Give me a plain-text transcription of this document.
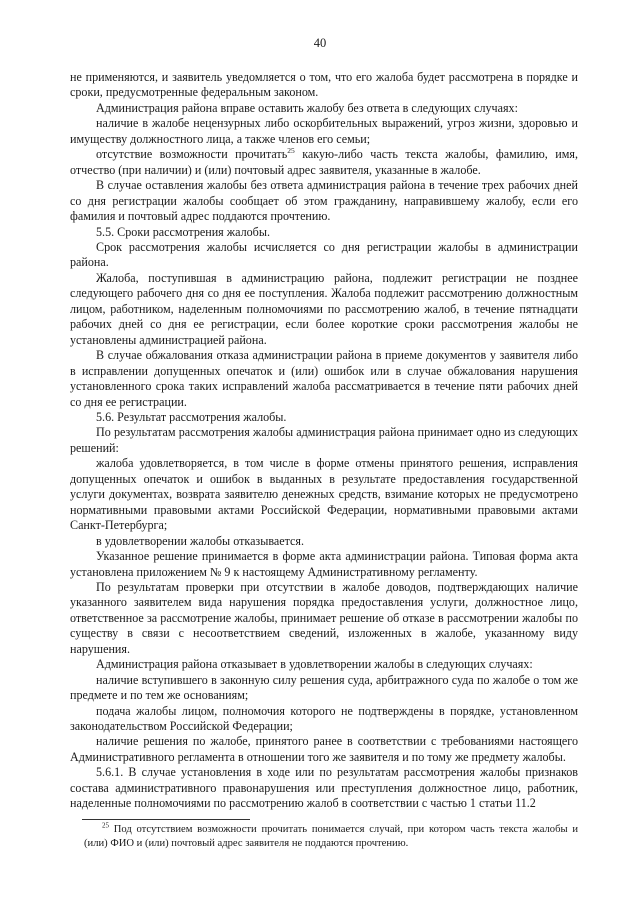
40

не применяются, и заявитель уведомляется о том, что его жалоба будет рассмотрена в порядке и сроки, предусмотренные федеральным законом.

Администрация района вправе оставить жалобу без ответа в следующих случаях:

наличие в жалобе нецензурных либо оскорбительных выражений, угроз жизни, здоровью и имуществу должностного лица, а также членов его семьи;

отсутствие возможности прочитать$^{25}$ какую-либо часть текста жалобы, фамилию, имя, отчество (при наличии) и (или) почтовый адрес заявителя, указанные в жалобе.

В случае оставления жалобы без ответа администрация района в течение трех рабочих дней со дня регистрации жалобы сообщает об этом гражданину, направившему жалобу, если его фамилия и почтовый адрес поддаются прочтению.

5.5. Сроки рассмотрения жалобы.

Срок рассмотрения жалобы исчисляется со дня регистрации жалобы в администрации района.

Жалоба, поступившая в администрацию района, подлежит регистрации не позднее следующего рабочего дня со дня ее поступления. Жалоба подлежит рассмотрению должностным лицом, работником, наделенным полномочиями по рассмотрению жалоб, в течение пятнадцати рабочих дней со дня ее регистрации, если более короткие сроки рассмотрения жалобы не установлены администрацией района.

В случае обжалования отказа администрации района в приеме документов у заявителя либо в исправлении допущенных опечаток и (или) ошибок или в случае обжалования нарушения установленного срока таких исправлений жалоба рассматривается в течение пяти рабочих дней со дня ее регистрации.

5.6. Результат рассмотрения жалобы.

По результатам рассмотрения жалобы администрация района принимает одно из следующих решений:

жалоба удовлетворяется, в том числе в форме отмены принятого решения, исправления допущенных опечаток и ошибок в выданных в результате предоставления государственной услуги документах, возврата заявителю денежных средств, взимание которых не предусмотрено нормативными правовыми актами Российской Федерации, нормативными правовыми актами Санкт-Петербурга;

в удовлетворении жалобы отказывается.

Указанное решение принимается в форме акта администрации района. Типовая форма акта установлена приложением № 9 к настоящему Административному регламенту.

По результатам проверки при отсутствии в жалобе доводов, подтверждающих наличие указанного заявителем вида нарушения порядка предоставления услуги, должностное лицо, ответственное за рассмотрение жалобы, принимает решение об отказе в рассмотрении жалобы по существу в связи с несоответствием сведений, изложенных в жалобе, указанному виду нарушения.

Администрация района отказывает в удовлетворении жалобы в следующих случаях:

наличие вступившего в законную силу решения суда, арбитражного суда по жалобе о том же предмете и по тем же основаниям;

подача жалобы лицом, полномочия которого не подтверждены в порядке, установленном законодательством Российской Федерации;

наличие решения по жалобе, принятого ранее в соответствии с требованиями настоящего Административного регламента в отношении того же заявителя и по тому же предмету жалобы.

5.6.1. В случае установления в ходе или по результатам рассмотрения жалобы признаков состава административного правонарушения или преступления должностное лицо, работник, наделенные полномочиями по рассмотрению жалоб в соответствии с частью 1 статьи 11.2

$^{25}$ Под отсутствием возможности прочитать понимается случай, при котором часть текста жалобы и (или) ФИО и (или) почтовый адрес заявителя не поддаются прочтению.
